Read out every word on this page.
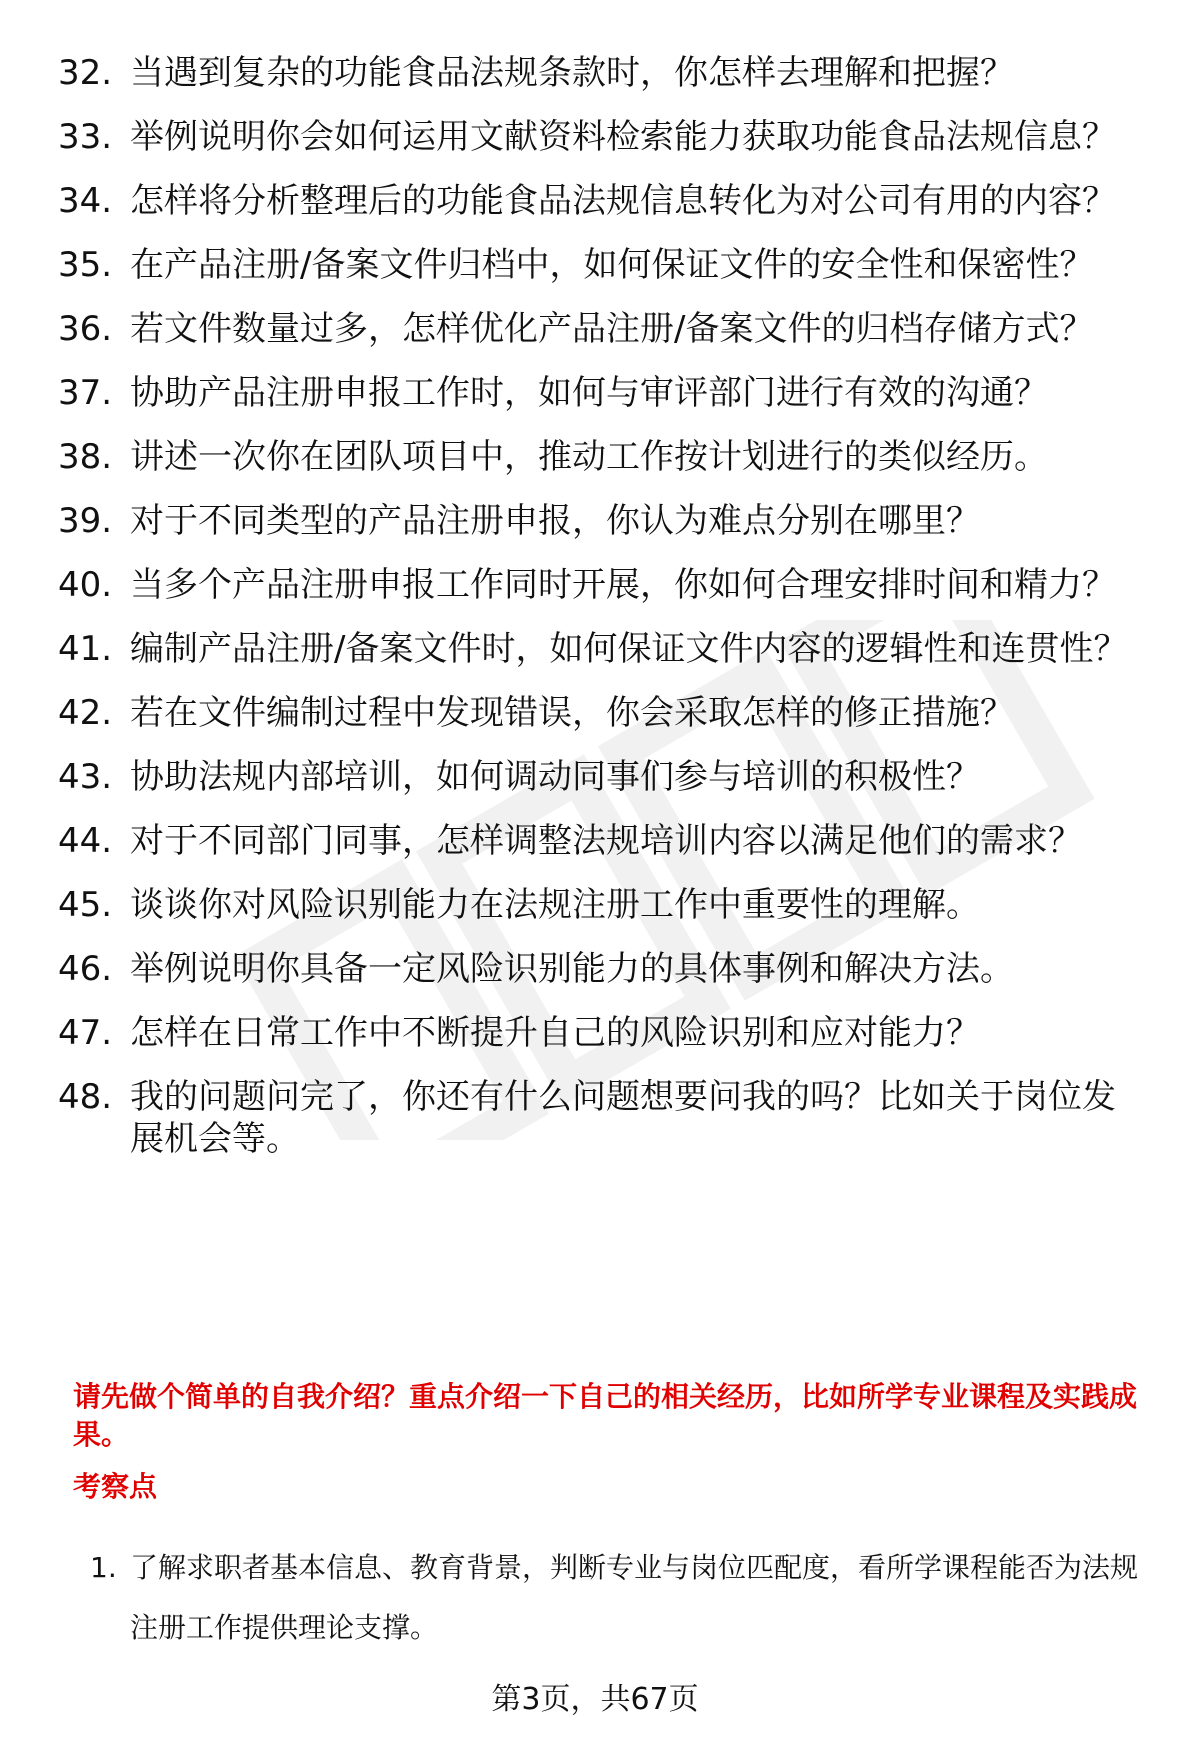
32. 当遇到复杂的功能食品法规条款时，你怎样去理解和把握？
33. 举例说明你会如何运用文献资料检索能力获取功能食品法规信息？
34. 怎样将分析整理后的功能食品法规信息转化为对公司有用的内容？
35. 在产品注册/备案文件归档中，如何保证文件的安全性和保密性？
36. 若文件数量过多，怎样优化产品注册/备案文件的归档存储方式？
37. 协助产品注册申报工作时，如何与审评部门进行有效的沟通？
38. 讲述一次你在团队项目中，推动工作按计划进行的类似经历。
39. 对于不同类型的产品注册申报，你认为难点分别在哪里？
40. 当多个产品注册申报工作同时开展，你如何合理安排时间和精力？
41. 编制产品注册/备案文件时，如何保证文件内容的逻辑性和连贯性？
42. 若在文件编制过程中发现错误，你会采取怎样的修正措施？
43. 协助法规内部培训，如何调动同事们参与培训的积极性？
44. 对于不同部门同事，怎样调整法规培训内容以满足他们的需求？
45. 谈谈你对风险识别能力在法规注册工作中重要性的理解。
46. 举例说明你具备一定风险识别能力的具体事例和解决方法。
47. 怎样在日常工作中不断提升自己的风险识别和应对能力？
48. 我的问题问完了，你还有什么问题想要问我的吗？比如关于岗位发展机会等。
请先做个简单的自我介绍？重点介绍一下自己的相关经历，比如所学专业课程及实践成果。
考察点
1. 了解求职者基本信息、教育背景，判断专业与岗位匹配度，看所学课程能否为法规注册工作提供理论支撑。
第3页，共67页
